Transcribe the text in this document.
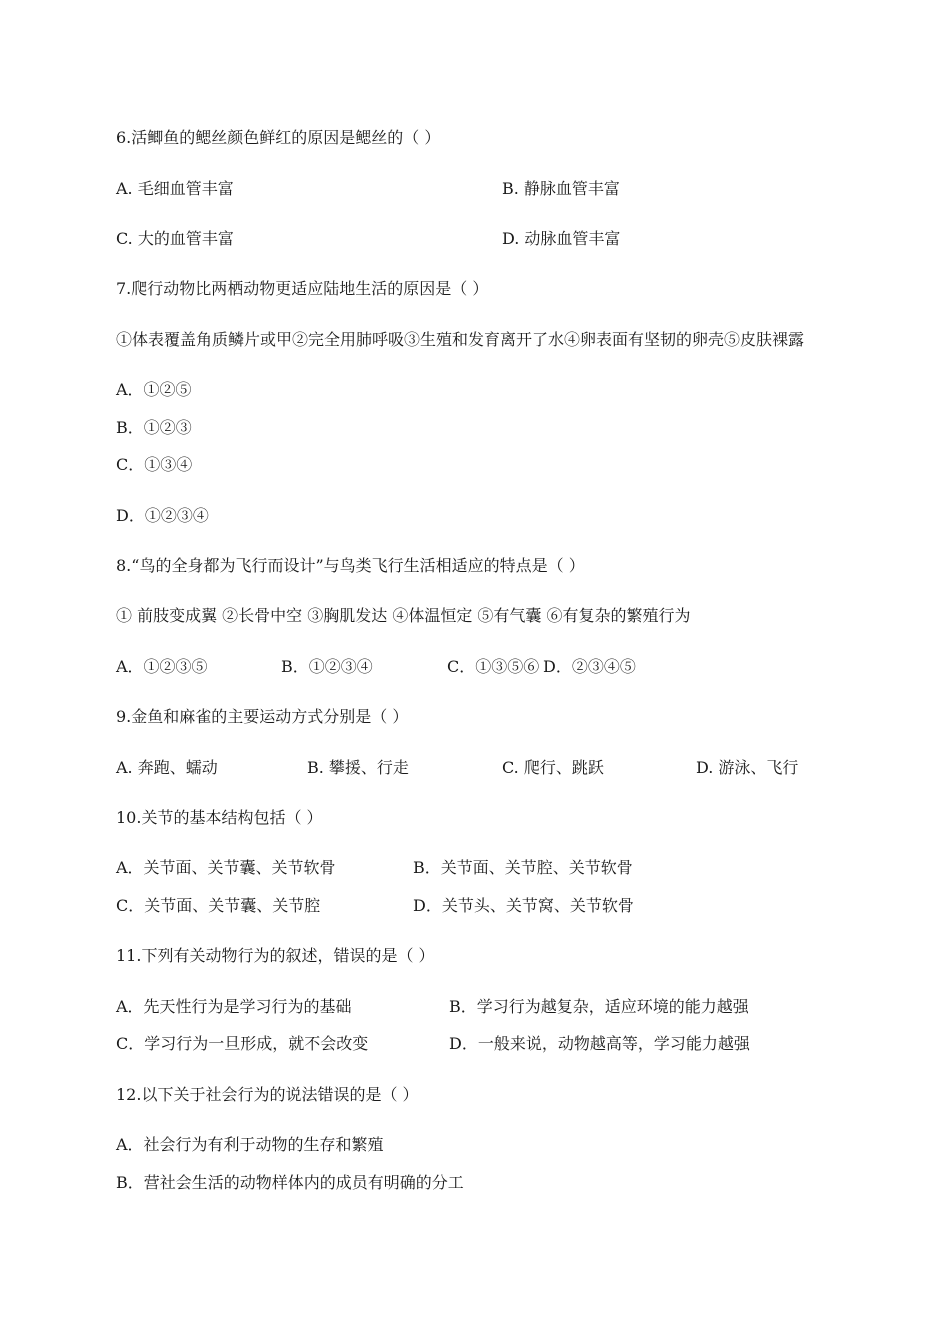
6.活鲫鱼的鳃丝颜色鲜红的原因是鳃丝的（ ）
A. 毛细血管丰富	B. 静脉血管丰富
C. 大的血管丰富	D. 动脉血管丰富
7.爬行动物比两栖动物更适应陆地生活的原因是（ ）
①体表覆盖角质鳞片或甲②完全用肺呼吸③生殖和发育离开了水④卵表面有坚韧的卵壳⑤皮肤裸露
A．①②⑤
B．①②③
C．①③④
D．①②③④
8.“鸟的全身都为飞行而设计”与鸟类飞行生活相适应的特点是（ ）
① 前肢变成翼 ②长骨中空 ③胸肌发达 ④体温恒定 ⑤有气囊 ⑥有复杂的繁殖行为
A．①②③⑤	B．①②③④	C．①③⑤⑥ D．②③④⑤
9.金鱼和麻雀的主要运动方式分别是（ ）
A. 奔跑、蠕动	B. 攀援、行走	C. 爬行、跳跃	D. 游泳、飞行
10.关节的基本结构包括（ ）
A．关节面、关节囊、关节软骨	B．关节面、关节腔、关节软骨
C．关节面、关节囊、关节腔	D．关节头、关节窝、关节软骨
11.下列有关动物行为的叙述，错误的是（ ）
A．先天性行为是学习行为的基础	B．学习行为越复杂，适应环境的能力越强
C．学习行为一旦形成，就不会改变	D．一般来说，动物越高等，学习能力越强
12.以下关于社会行为的说法错误的是（ ）
A．社会行为有利于动物的生存和繁殖
B．营社会生活的动物样体内的成员有明确的分工
